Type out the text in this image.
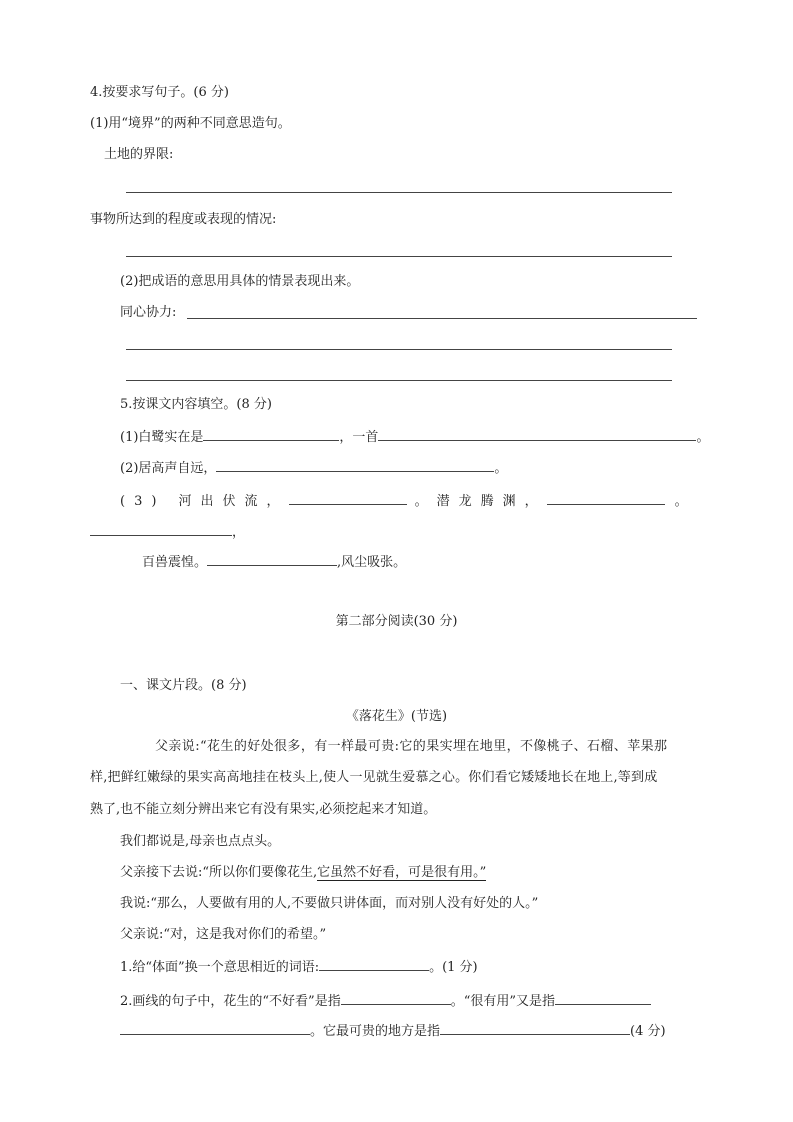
4.按要求写句子。(6 分)
(1)用“境界”的两种不同意思造句。
土地的界限:
事物所达到的程度或表现的情况:
(2)把成语的意思用具体的情景表现出来。
同心协力:
5.按课文内容填空。(8 分)
(1)白鹭实在是	，一首	。
(2)居高声自远，	。
(3) 河出伏流，	。潜龙腾渊，	。
，
百兽震惶。	,风尘吸张。
第二部分阅读(30 分)
一、课文片段。(8 分)
《落花生》(节选)
父亲说:“花生的好处很多，有一样最可贵:它的果实埋在地里，不像桃子、石榴、苹果那
样,把鲜红嫩绿的果实高高地挂在枝头上,使人一见就生爱慕之心。你们看它矮矮地长在地上,等到成
熟了,也不能立刻分辨出来它有没有果实,必须挖起来才知道。
我们都说是,母亲也点点头。
父亲接下去说:“所以你们要像花生,它虽然不好看，可是很有用。”
我说:“那么，人要做有用的人,不要做只讲体面，而对别人没有好处的人。”
父亲说:“对，这是我对你们的希望。”
1.给“体面”换一个意思相近的词语:	。(1 分)
2.画线的句子中，花生的“不好看”是指	。“很有用”又是指
。它最可贵的地方是指	(4 分)
